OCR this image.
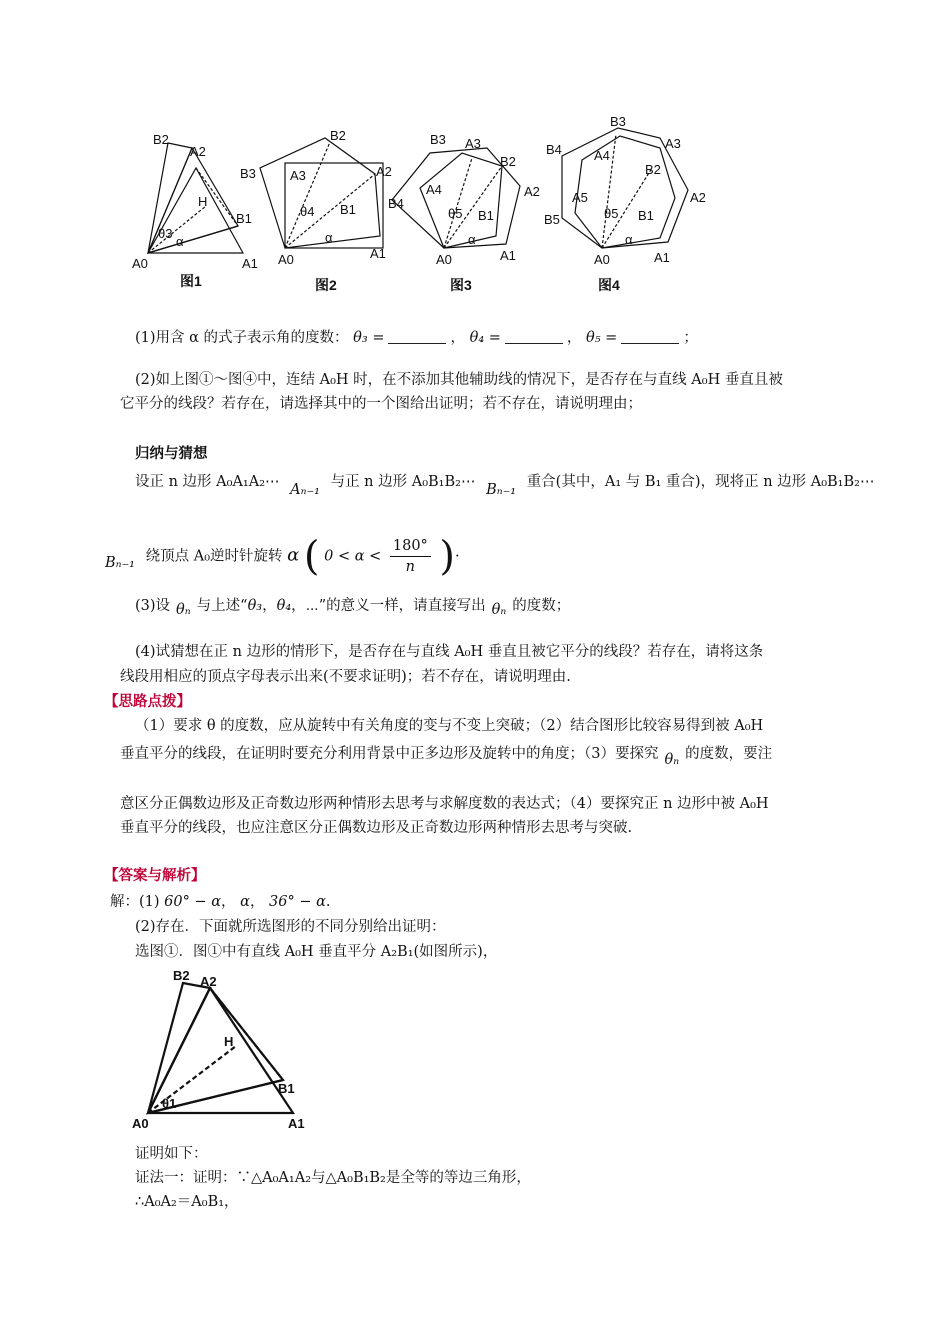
B2
A2
H
B1
θ3
α
A0	A1
B2
B3	A3	A2
θ4 B1
α
A0	A1
B3 A3
B2
A2
A4
B4
θ5 B1
α
A0	A1
B3
A3
B4 A4
B2
A2
A5
B5	θ5 B1
α
A0	A1
图1	图2	图3	图4
(1)用含 α 的式子表示角的度数： θ₃ =	， θ₄ =	， θ₅ =	；
(2)如上图①～图④中，连结 A₀H 时，在不添加其他辅助线的情况下，是否存在与直线 A₀H 垂直且被
它平分的线段？若存在，请选择其中的一个图给出证明；若不存在，请说明理由；
归纳与猜想
设正 n 边形 A₀A₁A₂⋯ Aₙ₋₁ 与正 n 边形 A₀B₁B₂⋯ Bₙ₋₁ 重合(其中，A₁ 与 B₁ 重合)，现将正 n 边形 A₀B₁B₂⋯
Bₙ₋₁ 绕顶点 A₀逆时针旋转 α ( $0 < \alpha < \frac{180^\circ}{n}$ )·
(3)设 θₙ 与上述“θ₃，θ₄，⋯”的意义一样，请直接写出 θₙ 的度数；
(4)试猜想在正 n 边形的情形下，是否存在与直线 A₀H 垂直且被它平分的线段？若存在，请将这条
线段用相应的顶点字母表示出来(不要求证明)；若不存在，请说明理由.
【思路点拨】
（1）要求 θ 的度数，应从旋转中有关角度的变与不变上突破；（2）结合图形比较容易得到被 A₀H
垂直平分的线段，在证明时要充分利用背景中正多边形及旋转中的角度；（3）要探究 θₙ 的度数，要注
意区分正偶数边形及正奇数边形两种情形去思考与求解度数的表达式；（4）要探究正 n 边形中被 A₀H
垂直平分的线段，也应注意区分正偶数边形及正奇数边形两种情形去思考与突破.
【答案与解析】
解：(1) 60° − α， α， 36° − α.
(2)存在．下面就所选图形的不同分别给出证明：
选图①．图①中有直线 A₀H 垂直平分 A₂B₁(如图所示)，
B2 A2
H
B1
θ1
A0	A1
证明如下：
证法一：证明：∵△A₀A₁A₂与△A₀B₁B₂是全等的等边三角形，
∴A₀A₂＝A₀B₁，
